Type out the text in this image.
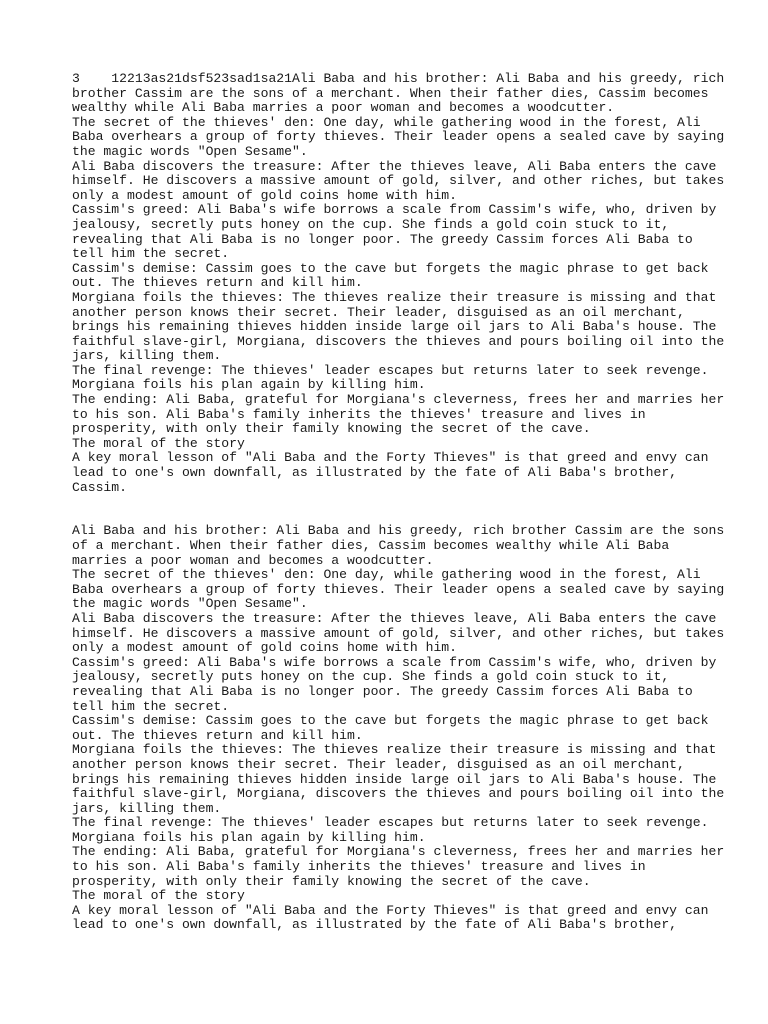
3    12213as21dsf523sad1sa21Ali Baba and his brother: Ali Baba and his greedy, rich
brother Cassim are the sons of a merchant. When their father dies, Cassim becomes
wealthy while Ali Baba marries a poor woman and becomes a woodcutter.
The secret of the thieves' den: One day, while gathering wood in the forest, Ali
Baba overhears a group of forty thieves. Their leader opens a sealed cave by saying
the magic words "Open Sesame".
Ali Baba discovers the treasure: After the thieves leave, Ali Baba enters the cave
himself. He discovers a massive amount of gold, silver, and other riches, but takes
only a modest amount of gold coins home with him.
Cassim's greed: Ali Baba's wife borrows a scale from Cassim's wife, who, driven by
jealousy, secretly puts honey on the cup. She finds a gold coin stuck to it,
revealing that Ali Baba is no longer poor. The greedy Cassim forces Ali Baba to
tell him the secret.
Cassim's demise: Cassim goes to the cave but forgets the magic phrase to get back
out. The thieves return and kill him.
Morgiana foils the thieves: The thieves realize their treasure is missing and that
another person knows their secret. Their leader, disguised as an oil merchant,
brings his remaining thieves hidden inside large oil jars to Ali Baba's house. The
faithful slave-girl, Morgiana, discovers the thieves and pours boiling oil into the
jars, killing them.
The final revenge: The thieves' leader escapes but returns later to seek revenge.
Morgiana foils his plan again by killing him.
The ending: Ali Baba, grateful for Morgiana's cleverness, frees her and marries her
to his son. Ali Baba's family inherits the thieves' treasure and lives in
prosperity, with only their family knowing the secret of the cave.
The moral of the story
A key moral lesson of "Ali Baba and the Forty Thieves" is that greed and envy can
lead to one's own downfall, as illustrated by the fate of Ali Baba's brother,
Cassim.
Ali Baba and his brother: Ali Baba and his greedy, rich brother Cassim are the sons
of a merchant. When their father dies, Cassim becomes wealthy while Ali Baba
marries a poor woman and becomes a woodcutter.
The secret of the thieves' den: One day, while gathering wood in the forest, Ali
Baba overhears a group of forty thieves. Their leader opens a sealed cave by saying
the magic words "Open Sesame".
Ali Baba discovers the treasure: After the thieves leave, Ali Baba enters the cave
himself. He discovers a massive amount of gold, silver, and other riches, but takes
only a modest amount of gold coins home with him.
Cassim's greed: Ali Baba's wife borrows a scale from Cassim's wife, who, driven by
jealousy, secretly puts honey on the cup. She finds a gold coin stuck to it,
revealing that Ali Baba is no longer poor. The greedy Cassim forces Ali Baba to
tell him the secret.
Cassim's demise: Cassim goes to the cave but forgets the magic phrase to get back
out. The thieves return and kill him.
Morgiana foils the thieves: The thieves realize their treasure is missing and that
another person knows their secret. Their leader, disguised as an oil merchant,
brings his remaining thieves hidden inside large oil jars to Ali Baba's house. The
faithful slave-girl, Morgiana, discovers the thieves and pours boiling oil into the
jars, killing them.
The final revenge: The thieves' leader escapes but returns later to seek revenge.
Morgiana foils his plan again by killing him.
The ending: Ali Baba, grateful for Morgiana's cleverness, frees her and marries her
to his son. Ali Baba's family inherits the thieves' treasure and lives in
prosperity, with only their family knowing the secret of the cave.
The moral of the story
A key moral lesson of "Ali Baba and the Forty Thieves" is that greed and envy can
lead to one's own downfall, as illustrated by the fate of Ali Baba's brother,
